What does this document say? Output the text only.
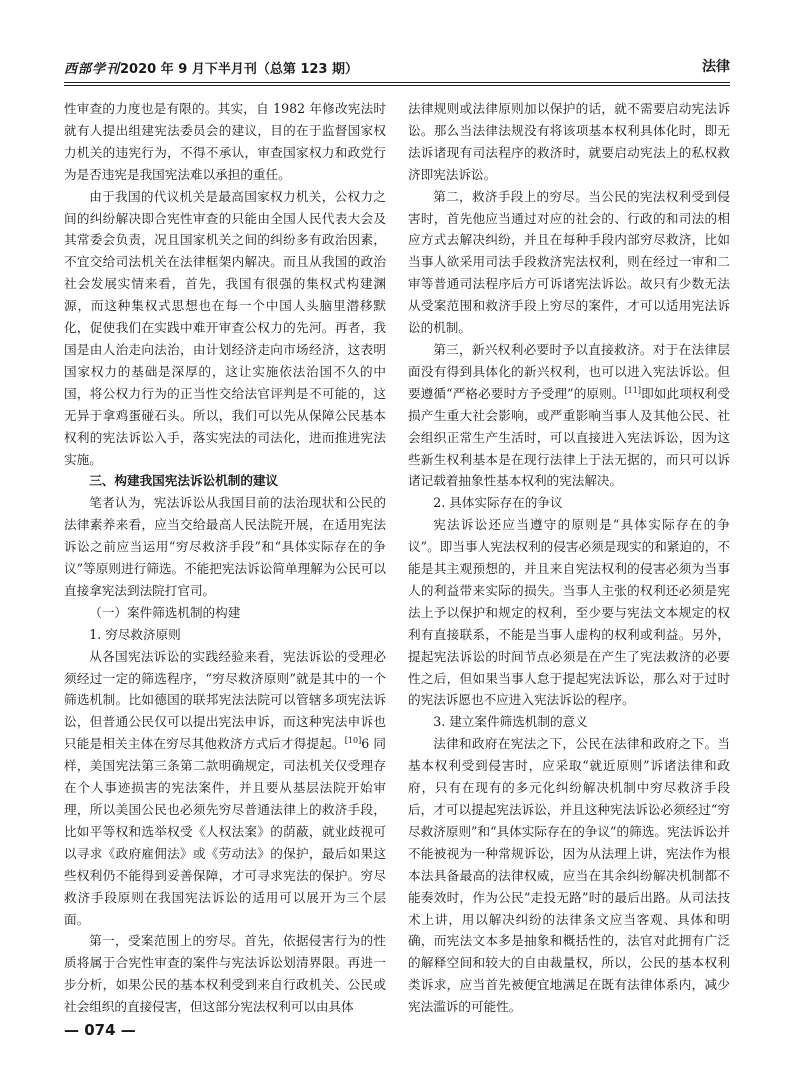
西部学刊2020 年 9 月下半月刊（总第 123 期）	法律

性审查的力度也是有限的。其实，自 1982 年修改宪法时就有人提出组建宪法委员会的建议，目的在于监督国家权力机关的违宪行为，不得不承认，审查国家权力和政党行为是否违宪是我国宪法难以承担的重任。

由于我国的代议机关是最高国家权力机关，公权力之间的纠纷解决即合宪性审查的只能由全国人民代表大会及其常委会负责，况且国家机关之间的纠纷多有政治因素，不宜交给司法机关在法律框架内解决。而且从我国的政治社会发展实情来看，首先，我国有很强的集权式构建渊源，而这种集权式思想也在每一个中国人头脑里潜移默化，促使我们在实践中难开审查公权力的先河。再者，我国是由人治走向法治，由计划经济走向市场经济，这表明国家权力的基础是深厚的，这让实施依法治国不久的中国，将公权力行为的正当性交给法官评判是不可能的，这无异于拿鸡蛋碰石头。所以，我们可以先从保障公民基本权利的宪法诉讼入手，落实宪法的司法化，进而推进宪法实施。

三、构建我国宪法诉讼机制的建议

笔者认为，宪法诉讼从我国目前的法治现状和公民的法律素养来看，应当交给最高人民法院开展，在适用宪法诉讼之前应当运用“穷尽救济手段”和“具体实际存在的争议”等原则进行筛选。不能把宪法诉讼简单理解为公民可以直接拿宪法到法院打官司。

（一）案件筛选机制的构建
1. 穷尽救济原则

从各国宪法诉讼的实践经验来看，宪法诉讼的受理必须经过一定的筛选程序，“穷尽救济原则”就是其中的一个筛选机制。比如德国的联邦宪法法院可以管辖多项宪法诉讼，但普通公民仅可以提出宪法申诉，而这种宪法申诉也只能是相关主体在穷尽其他救济方式后才得提起。[10]6 同样，美国宪法第三条第二款明确规定，司法机关仅受理存在个人事迹损害的宪法案件，并且要从基层法院开始审理，所以美国公民也必须先穷尽普通法律上的救济手段，比如平等权和选举权受《人权法案》的荫蔽，就业歧视可以寻求《政府雇佣法》或《劳动法》的保护，最后如果这些权利仍不能得到妥善保障，才可寻求宪法的保护。穷尽救济手段原则在我国宪法诉讼的适用可以展开为三个层面。

第一，受案范围上的穷尽。首先，依据侵害行为的性质将属于合宪性审查的案件与宪法诉讼划清界限。再进一步分析，如果公民的基本权利受到来自行政机关、公民或社会组织的直接侵害，但这部分宪法权利可以由具体

法律规则或法律原则加以保护的话，就不需要启动宪法诉讼。那么当法律法规没有将该项基本权利具体化时，即无法诉诸现有司法程序的救济时，就要启动宪法上的私权救济即宪法诉讼。

第二，救济手段上的穷尽。当公民的宪法权利受到侵害时，首先他应当通过对应的社会的、行政的和司法的相应方式去解决纠纷，并且在每种手段内部穷尽救济，比如当事人欲采用司法手段救济宪法权利，则在经过一审和二审等普通司法程序后方可诉诸宪法诉讼。故只有少数无法从受案范围和救济手段上穷尽的案件，才可以适用宪法诉讼的机制。

第三，新兴权利必要时予以直接救济。对于在法律层面没有得到具体化的新兴权利，也可以进入宪法诉讼。但要遵循“严格必要时方予受理”的原则。[11]即如此项权利受损产生重大社会影响，或严重影响当事人及其他公民、社会组织正常生产生活时，可以直接进入宪法诉讼，因为这些新生权利基本是在现行法律上于法无据的，而只可以诉诸记载着抽象性基本权利的宪法解决。

2. 具体实际存在的争议

宪法诉讼还应当遵守的原则是“具体实际存在的争议”。即当事人宪法权利的侵害必须是现实的和紧迫的，不能是其主观预想的，并且来自宪法权利的侵害必须为当事人的利益带来实际的损失。当事人主张的权利还必须是宪法上予以保护和规定的权利，至少要与宪法文本规定的权利有直接联系，不能是当事人虚构的权利或利益。另外，提起宪法诉讼的时间节点必须是在产生了宪法救济的必要性之后，但如果当事人怠于提起宪法诉讼，那么对于过时的宪法诉愿也不应进入宪法诉讼的程序。

3. 建立案件筛选机制的意义

法律和政府在宪法之下，公民在法律和政府之下。当基本权利受到侵害时，应采取“就近原则”诉诸法律和政府，只有在现有的多元化纠纷解决机制中穷尽救济手段后，才可以提起宪法诉讼，并且这种宪法诉讼必须经过“穷尽救济原则”和“具体实际存在的争议”的筛选。宪法诉讼并不能被视为一种常规诉讼，因为从法理上讲，宪法作为根本法具备最高的法律权威，应当在其余纠纷解决机制都不能奏效时，作为公民“走投无路”时的最后出路。从司法技术上讲，用以解决纠纷的法律条文应当客观、具体和明确，而宪法文本多是抽象和概括性的，法官对此拥有广泛的解释空间和较大的自由裁量权，所以，公民的基本权利类诉求，应当首先被便宜地满足在既有法律体系内，减少宪法滥诉的可能性。

— 074 —
